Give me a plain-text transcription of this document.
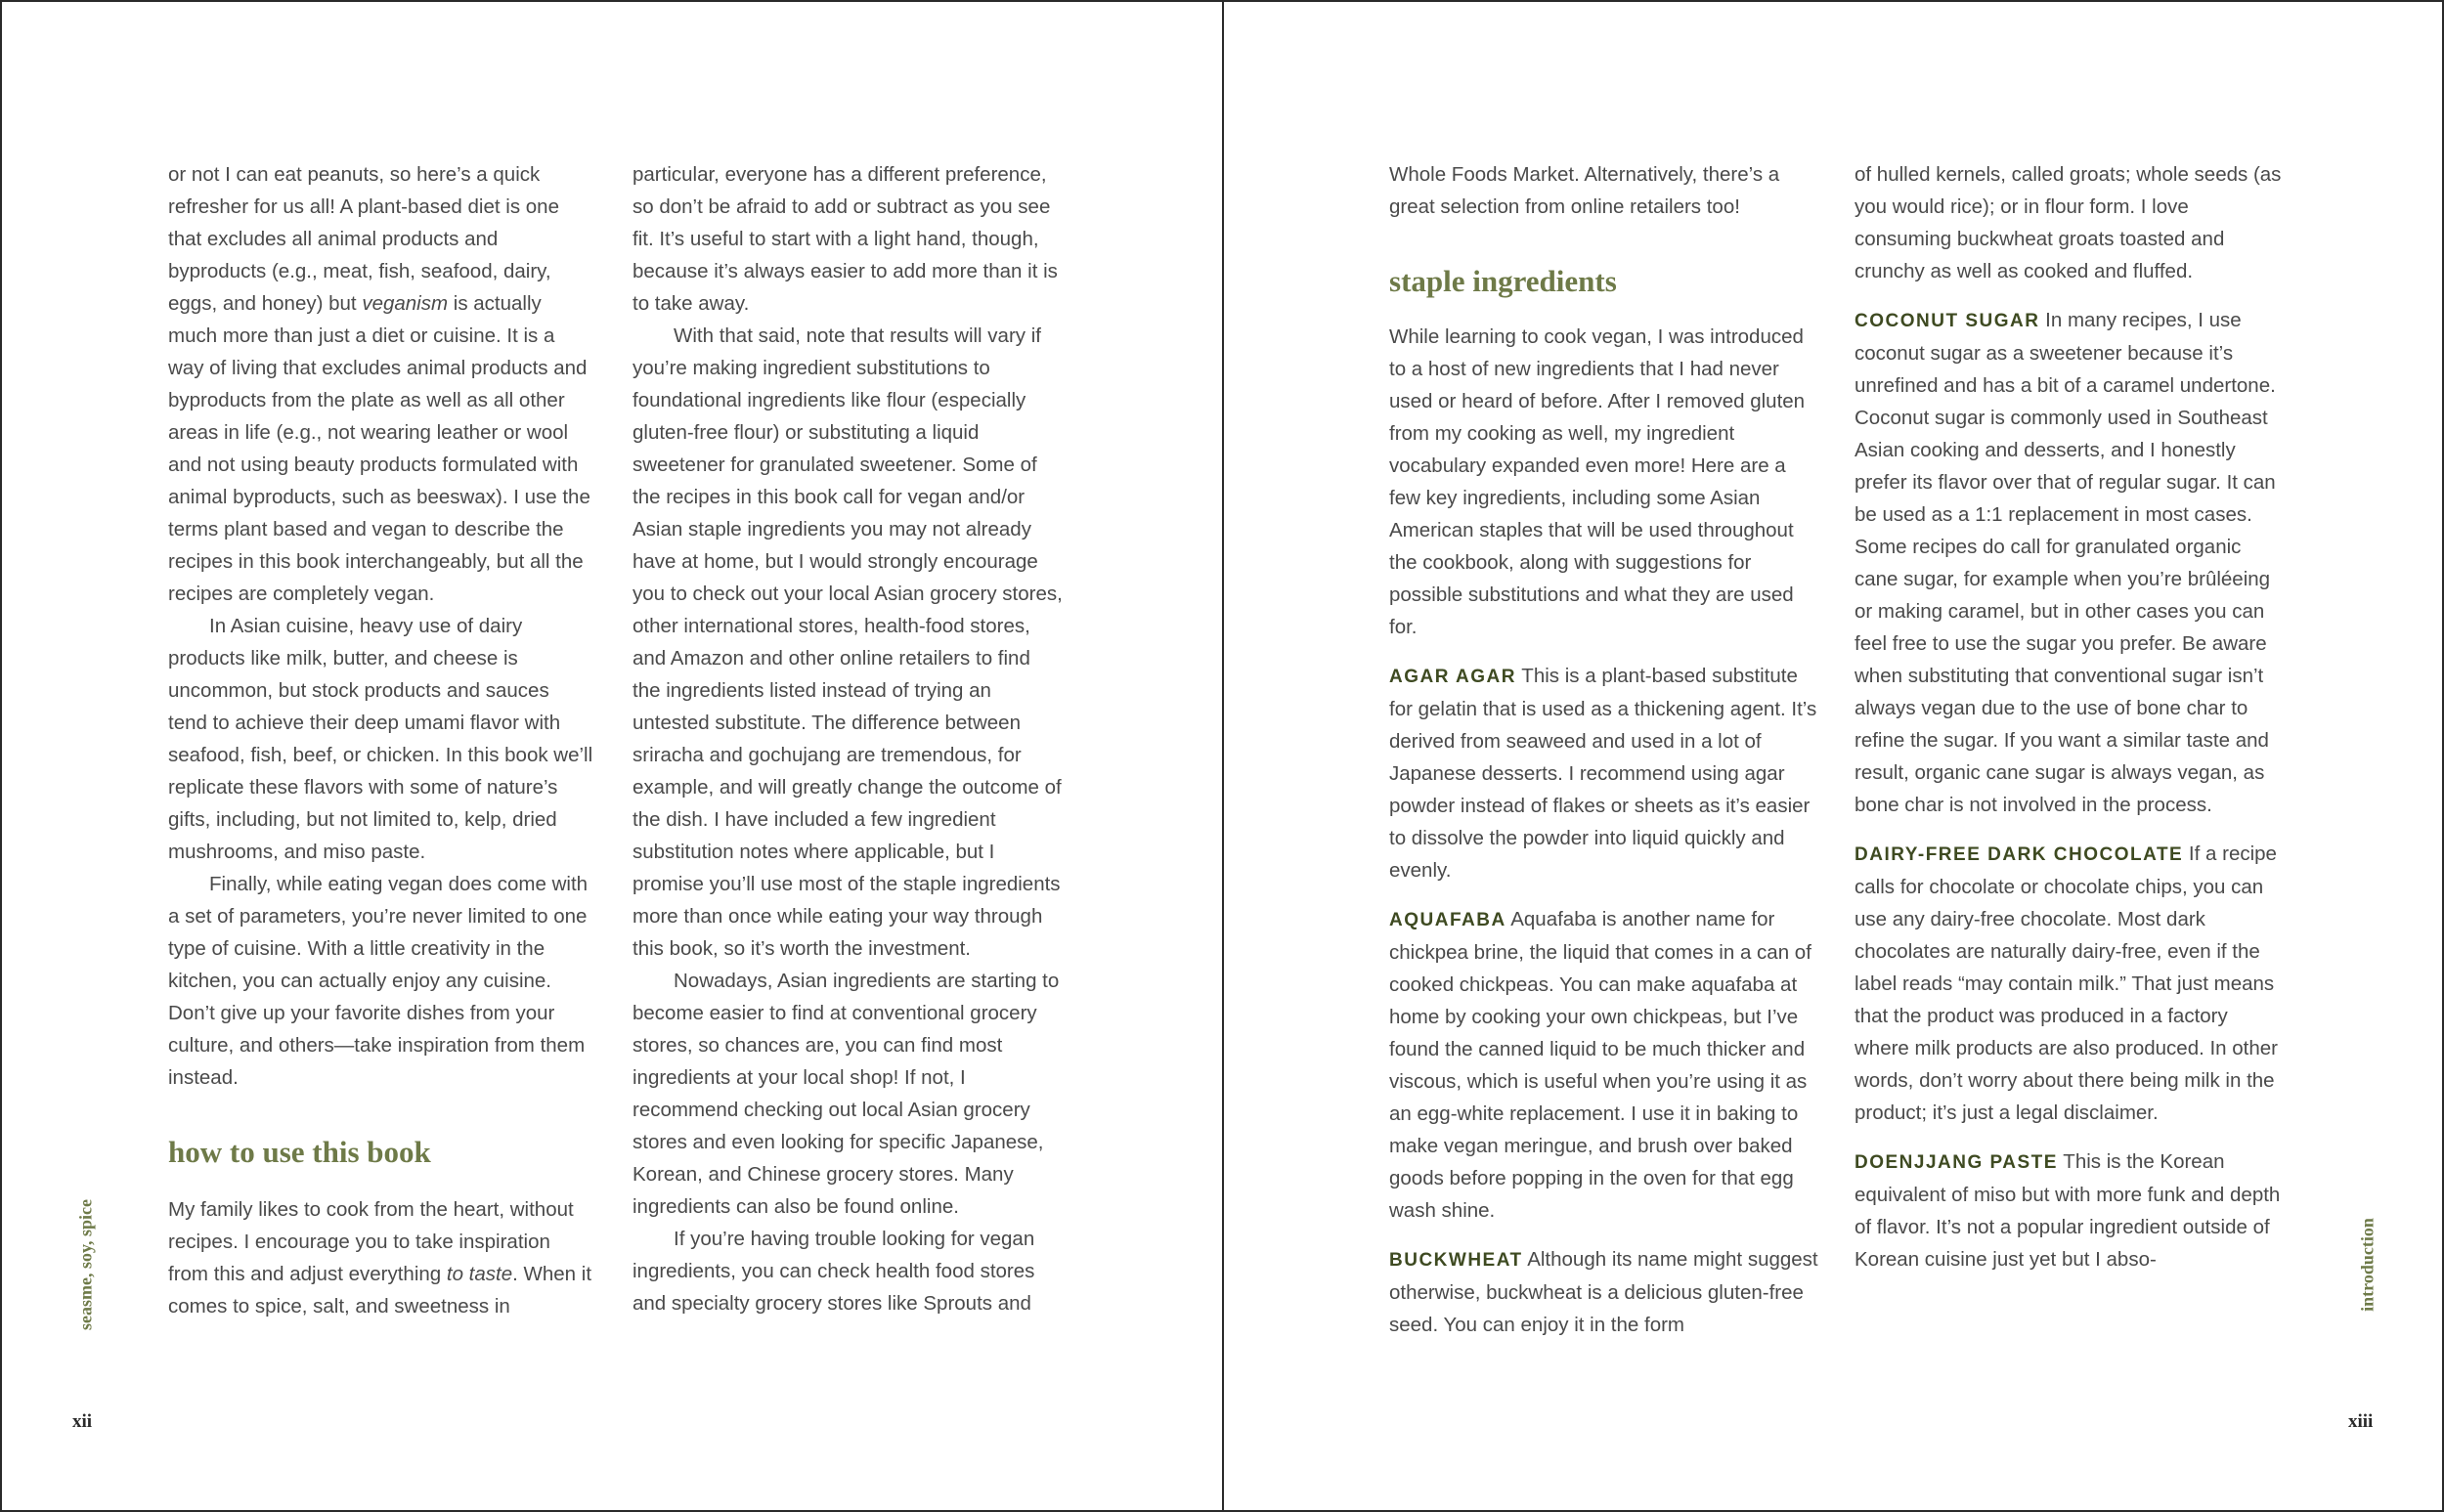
or not I can eat peanuts, so here’s a quick refresher for us all! A plant-based diet is one that excludes all animal products and byproducts (e.g., meat, fish, seafood, dairy, eggs, and honey) but veganism is actually much more than just a diet or cuisine. It is a way of living that excludes animal products and byproducts from the plate as well as all other areas in life (e.g., not wearing leather or wool and not using beauty products formulated with animal byproducts, such as beeswax). I use the terms plant based and vegan to describe the recipes in this book interchangeably, but all the recipes are completely vegan.

In Asian cuisine, heavy use of dairy products like milk, butter, and cheese is uncommon, but stock products and sauces tend to achieve their deep umami flavor with seafood, fish, beef, or chicken. In this book we’ll replicate these flavors with some of nature’s gifts, including, but not limited to, kelp, dried mushrooms, and miso paste.

Finally, while eating vegan does come with a set of parameters, you’re never limited to one type of cuisine. With a little creativity in the kitchen, you can actually enjoy any cuisine. Don’t give up your favorite dishes from your culture, and others—take inspiration from them instead.

how to use this book

My family likes to cook from the heart, without recipes. I encourage you to take inspiration from this and adjust everything to taste. When it comes to spice, salt, and sweetness in

particular, everyone has a different preference, so don’t be afraid to add or subtract as you see fit. It’s useful to start with a light hand, though, because it’s always easier to add more than it is to take away.

With that said, note that results will vary if you’re making ingredient substitutions to foundational ingredients like flour (especially gluten-free flour) or substituting a liquid sweetener for granulated sweetener. Some of the recipes in this book call for vegan and/or Asian staple ingredients you may not already have at home, but I would strongly encourage you to check out your local Asian grocery stores, other international stores, health-food stores, and Amazon and other online retailers to find the ingredients listed instead of trying an untested substitute. The difference between sriracha and gochujang are tremendous, for example, and will greatly change the outcome of the dish. I have included a few ingredient substitution notes where applicable, but I promise you’ll use most of the staple ingredients more than once while eating your way through this book, so it’s worth the investment.

Nowadays, Asian ingredients are starting to become easier to find at conventional grocery stores, so chances are, you can find most ingredients at your local shop! If not, I recommend checking out local Asian grocery stores and even looking for specific Japanese, Korean, and Chinese grocery stores. Many ingredients can also be found online.

If you’re having trouble looking for vegan ingredients, you can check health food stores and specialty grocery stores like Sprouts and

seasme, soy, spice
xii

Whole Foods Market. Alternatively, there’s a great selection from online retailers too!

staple ingredients

While learning to cook vegan, I was introduced to a host of new ingredients that I had never used or heard of before. After I removed gluten from my cooking as well, my ingredient vocabulary expanded even more! Here are a few key ingredients, including some Asian American staples that will be used throughout the cookbook, along with suggestions for possible substitutions and what they are used for.

AGAR AGAR This is a plant-based substitute for gelatin that is used as a thickening agent. It’s derived from seaweed and used in a lot of Japanese desserts. I recommend using agar powder instead of flakes or sheets as it’s easier to dissolve the powder into liquid quickly and evenly.

AQUAFABA Aquafaba is another name for chickpea brine, the liquid that comes in a can of cooked chickpeas. You can make aquafaba at home by cooking your own chickpeas, but I’ve found the canned liquid to be much thicker and viscous, which is useful when you’re using it as an egg-white replacement. I use it in baking to make vegan meringue, and brush over baked goods before popping in the oven for that egg wash shine.

BUCKWHEAT Although its name might suggest otherwise, buckwheat is a delicious gluten-free seed. You can enjoy it in the form

of hulled kernels, called groats; whole seeds (as you would rice); or in flour form. I love consuming buckwheat groats toasted and crunchy as well as cooked and fluffed.

COCONUT SUGAR In many recipes, I use coconut sugar as a sweetener because it’s unrefined and has a bit of a caramel undertone. Coconut sugar is commonly used in Southeast Asian cooking and desserts, and I honestly prefer its flavor over that of regular sugar. It can be used as a 1:1 replacement in most cases. Some recipes do call for granulated organic cane sugar, for example when you’re brûléeing or making caramel, but in other cases you can feel free to use the sugar you prefer. Be aware when substituting that conventional sugar isn’t always vegan due to the use of bone char to refine the sugar. If you want a similar taste and result, organic cane sugar is always vegan, as bone char is not involved in the process.

DAIRY-FREE DARK CHOCOLATE If a recipe calls for chocolate or chocolate chips, you can use any dairy-free chocolate. Most dark chocolates are naturally dairy-free, even if the label reads “may contain milk.” That just means that the product was produced in a factory where milk products are also produced. In other words, don’t worry about there being milk in the product; it’s just a legal disclaimer.

DOENJJANG PASTE This is the Korean equivalent of miso but with more funk and depth of flavor. It’s not a popular ingredient outside of Korean cuisine just yet but I abso-	introduction
xiii
